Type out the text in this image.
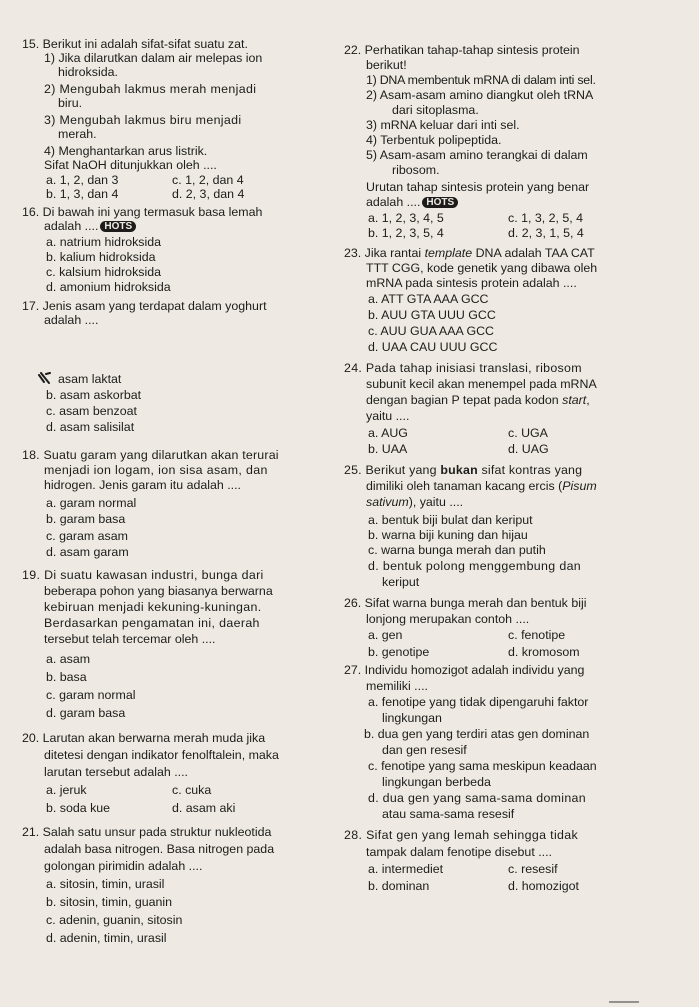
15. Berikut ini adalah sifat-sifat suatu zat.
1) Jika dilarutkan dalam air melepas ion
hidroksida.
2) Mengubah lakmus merah menjadi
biru.
3) Mengubah lakmus biru menjadi
merah.
4) Menghantarkan arus listrik.
Sifat NaOH ditunjukkan oleh ....
a. 1, 2, dan 3	c. 1, 2, dan 4
b. 1, 3, dan 4	d. 2, 3, dan 4
16. Di bawah ini yang termasuk basa lemah
adalah .... HOTS
a. natrium hidroksida
b. kalium hidroksida
c. kalsium hidroksida
d. amonium hidroksida
17. Jenis asam yang terdapat dalam yoghurt
adalah ....
asam laktat
b. asam askorbat
c. asam benzoat
d. asam salisilat
18. Suatu garam yang dilarutkan akan terurai
menjadi ion logam, ion sisa asam, dan
hidrogen. Jenis garam itu adalah ....
a. garam normal
b. garam basa
c. garam asam
d. asam garam
19. Di suatu kawasan industri, bunga dari
beberapa pohon yang biasanya berwarna
kebiruan menjadi kekuning-kuningan.
Berdasarkan pengamatan ini, daerah
tersebut telah tercemar oleh ....
a. asam
b. basa
c. garam normal
d. garam basa
20. Larutan akan berwarna merah muda jika
ditetesi dengan indikator fenolftalein, maka
larutan tersebut adalah ....
a. jeruk	c. cuka
b. soda kue	d. asam aki
21. Salah satu unsur pada struktur nukleotida
adalah basa nitrogen. Basa nitrogen pada
golongan pirimidin adalah ....
a. sitosin, timin, urasil
b. sitosin, timin, guanin
c. adenin, guanin, sitosin
d. adenin, timin, urasil
22. Perhatikan tahap-tahap sintesis protein
berikut!
1) DNA membentuk mRNA di dalam inti sel.
2) Asam-asam amino diangkut oleh tRNA
dari sitoplasma.
3) mRNA keluar dari inti sel.
4) Terbentuk polipeptida.
5) Asam-asam amino terangkai di dalam
ribosom.
Urutan tahap sintesis protein yang benar
adalah .... HOTS
a. 1, 2, 3, 4, 5	c. 1, 3, 2, 5, 4
b. 1, 2, 3, 5, 4	d. 2, 3, 1, 5, 4
23. Jika rantai template DNA adalah TAA CAT
TTT CGG, kode genetik yang dibawa oleh
mRNA pada sintesis protein adalah ....
a. ATT GTA AAA GCC
b. AUU GTA UUU GCC
c. AUU GUA AAA GCC
d. UAA CAU UUU GCC
24. Pada tahap inisiasi translasi, ribosom
subunit kecil akan menempel pada mRNA
dengan bagian P tepat pada kodon start,
yaitu ....
a. AUG	c. UGA
b. UAA	d. UAG
25. Berikut yang bukan sifat kontras yang
dimiliki oleh tanaman kacang ercis (Pisum
sativum), yaitu ....
a. bentuk biji bulat dan keriput
b. warna biji kuning dan hijau
c. warna bunga merah dan putih
d. bentuk polong menggembung dan
keriput
26. Sifat warna bunga merah dan bentuk biji
lonjong merupakan contoh ....
a. gen	c. fenotipe
b. genotipe	d. kromosom
27. Individu homozigot adalah individu yang
memiliki ....
a. fenotipe yang tidak dipengaruhi faktor
lingkungan
b. dua gen yang terdiri atas gen dominan
dan gen resesif
c. fenotipe yang sama meskipun keadaan
lingkungan berbeda
d. dua gen yang sama-sama dominan
atau sama-sama resesif
28. Sifat gen yang lemah sehingga tidak
tampak dalam fenotipe disebut ....
a. intermediet	c. resesif
b. dominan	d. homozigot
